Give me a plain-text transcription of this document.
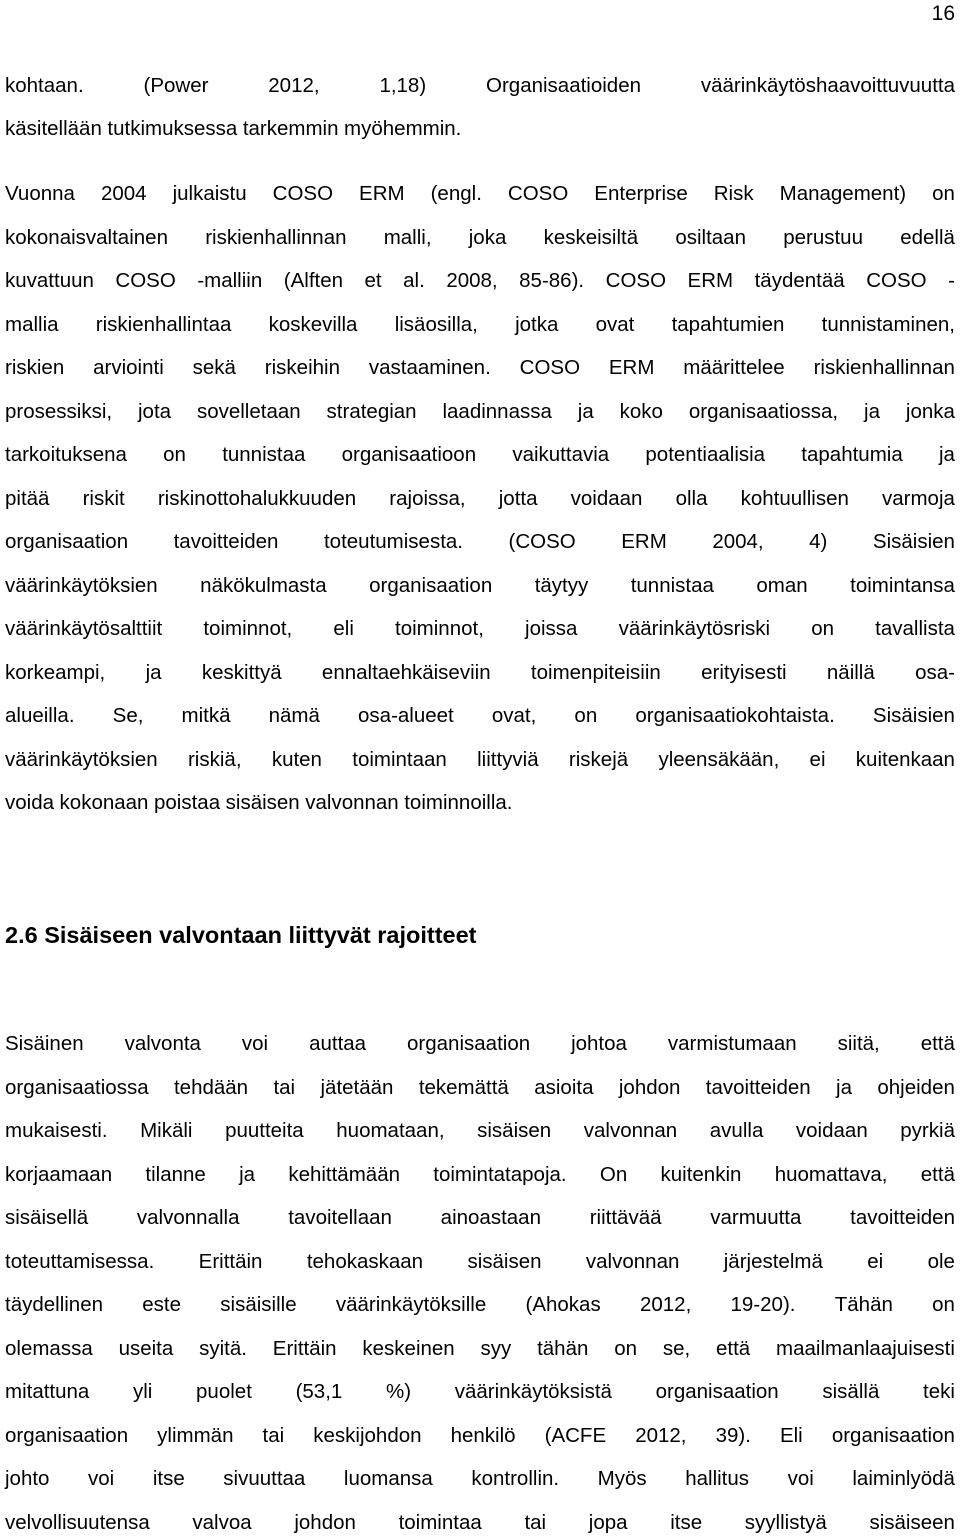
16
kohtaan.	(Power	2012,	1,18)	Organisaatioiden	väärinkäytöshaavoittuvuutta
käsitellään tutkimuksessa tarkemmin myöhemmin.
Vuonna 2004 julkaistu COSO ERM (engl. COSO Enterprise Risk Management) on
kokonaisvaltainen riskienhallinnan malli, joka keskeisiltä osiltaan perustuu edellä
kuvattuun COSO -malliin (Alften et al. 2008, 85-86). COSO ERM täydentää COSO -
mallia riskienhallintaa koskevilla lisäosilla, jotka ovat tapahtumien tunnistaminen,
riskien arviointi sekä riskeihin vastaaminen. COSO ERM määrittelee riskienhallinnan
prosessiksi, jota sovelletaan strategian laadinnassa ja koko organisaatiossa, ja jonka
tarkoituksena on tunnistaa organisaatioon vaikuttavia potentiaalisia tapahtumia ja
pitää riskit riskinottohalukkuuden rajoissa, jotta voidaan olla kohtuullisen varmoja
organisaation tavoitteiden toteutumisesta. (COSO ERM 2004, 4) Sisäisien
väärinkäytöksien näkökulmasta organisaation täytyy tunnistaa oman toimintansa
väärinkäytösalttiit toiminnot, eli toiminnot, joissa väärinkäytösriski on tavallista
korkeampi, ja keskittyä ennaltaehkäiseviin toimenpiteisiin erityisesti näillä osa-
alueilla. Se, mitkä nämä osa-alueet ovat, on organisaatiokohtaista. Sisäisien
väärinkäytöksien riskiä, kuten toimintaan liittyviä riskejä yleensäkään, ei kuitenkaan
voida kokonaan poistaa sisäisen valvonnan toiminnoilla.
2.6 Sisäiseen valvontaan liittyvät rajoitteet
Sisäinen valvonta voi auttaa organisaation johtoa varmistumaan siitä, että
organisaatiossa tehdään tai jätetään tekemättä asioita johdon tavoitteiden ja ohjeiden
mukaisesti. Mikäli puutteita huomataan, sisäisen valvonnan avulla voidaan pyrkiä
korjaamaan tilanne ja kehittämään toimintatapoja. On kuitenkin huomattava, että
sisäisellä valvonnalla tavoitellaan ainoastaan riittävää varmuutta tavoitteiden
toteuttamisessa. Erittäin tehokaskaan sisäisen valvonnan järjestelmä ei ole
täydellinen este sisäisille väärinkäytöksille (Ahokas 2012, 19-20). Tähän on
olemassa useita syitä. Erittäin keskeinen syy tähän on se, että maailmanlaajuisesti
mitattuna yli puolet (53,1 %) väärinkäytöksistä organisaation sisällä teki
organisaation ylimmän tai keskijohdon henkilö (ACFE 2012, 39). Eli organisaation
johto voi itse sivuuttaa luomansa kontrollin. Myös hallitus voi laiminlyödä
velvollisuutensa valvoa johdon toimintaa tai jopa itse syyllistyä sisäiseen
